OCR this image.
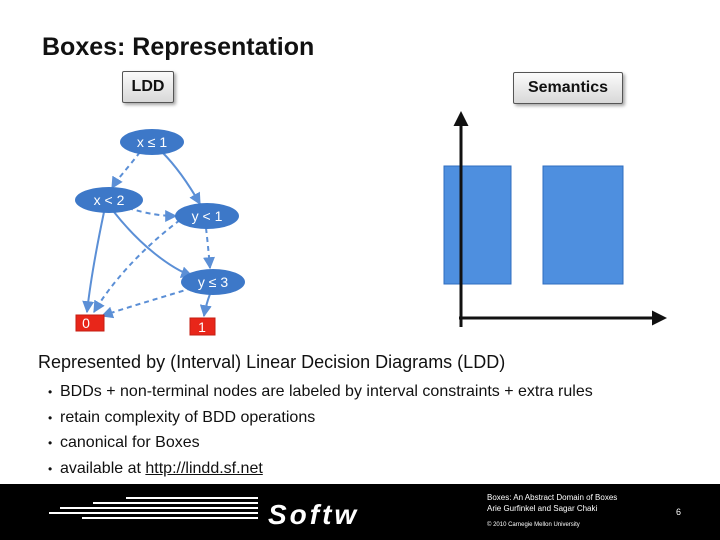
Boxes: Representation
LDD	Semantics
x ≤ 1
x < 2
y < 1
y ≤ 3
0	1
Represented by (Interval) Linear Decision Diagrams (LDD)
• BDDs + non-terminal nodes are labeled by interval constraints + extra rules
• retain complexity of BDD operations
• canonical for Boxes
• available at http://lindd.sf.net
Softw
Boxes: An Abstract Domain of Boxes
Arie Gurfinkel and Sagar Chaki
© 2010 Carnegie Mellon University
6
